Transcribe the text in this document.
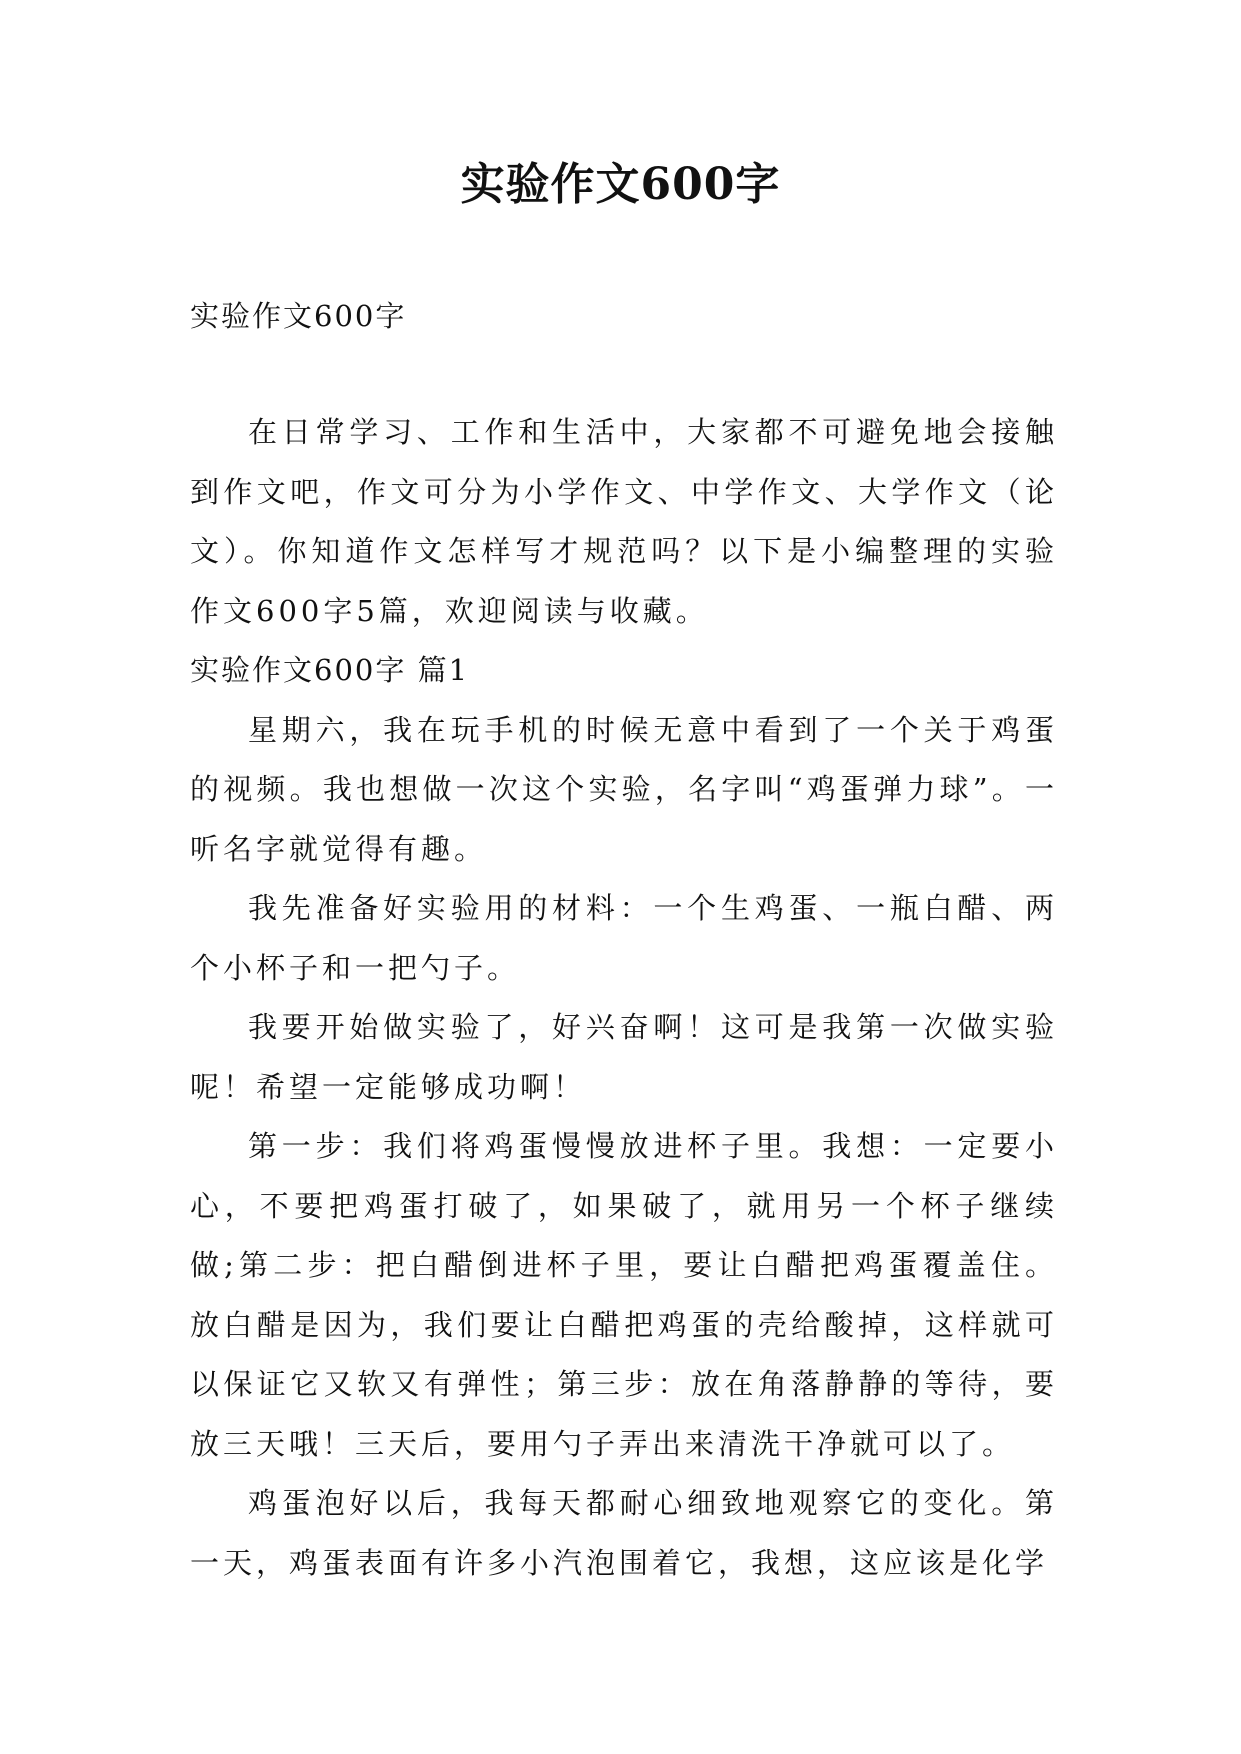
实验作文600字

实验作文600字

在日常学习、工作和生活中，大家都不可避免地会接触到作文吧，作文可分为小学作文、中学作文、大学作文（论文）。你知道作文怎样写才规范吗？以下是小编整理的实验作文600字5篇，欢迎阅读与收藏。

实验作文600字 篇1

星期六，我在玩手机的时候无意中看到了一个关于鸡蛋的视频。我也想做一次这个实验，名字叫“鸡蛋弹力球”。一听名字就觉得有趣。

我先准备好实验用的材料：一个生鸡蛋、一瓶白醋、两个小杯子和一把勺子。

我要开始做实验了，好兴奋啊！这可是我第一次做实验呢！希望一定能够成功啊！

第一步：我们将鸡蛋慢慢放进杯子里。我想：一定要小心，不要把鸡蛋打破了，如果破了，就用另一个杯子继续做;第二步：把白醋倒进杯子里，要让白醋把鸡蛋覆盖住。放白醋是因为，我们要让白醋把鸡蛋的壳给酸掉，这样就可以保证它又软又有弹性；第三步：放在角落静静的等待，要放三天哦！三天后，要用勺子弄出来清洗干净就可以了。

鸡蛋泡好以后，我每天都耐心细致地观察它的变化。第一天，鸡蛋表面有许多小汽泡围着它，我想，这应该是化学
